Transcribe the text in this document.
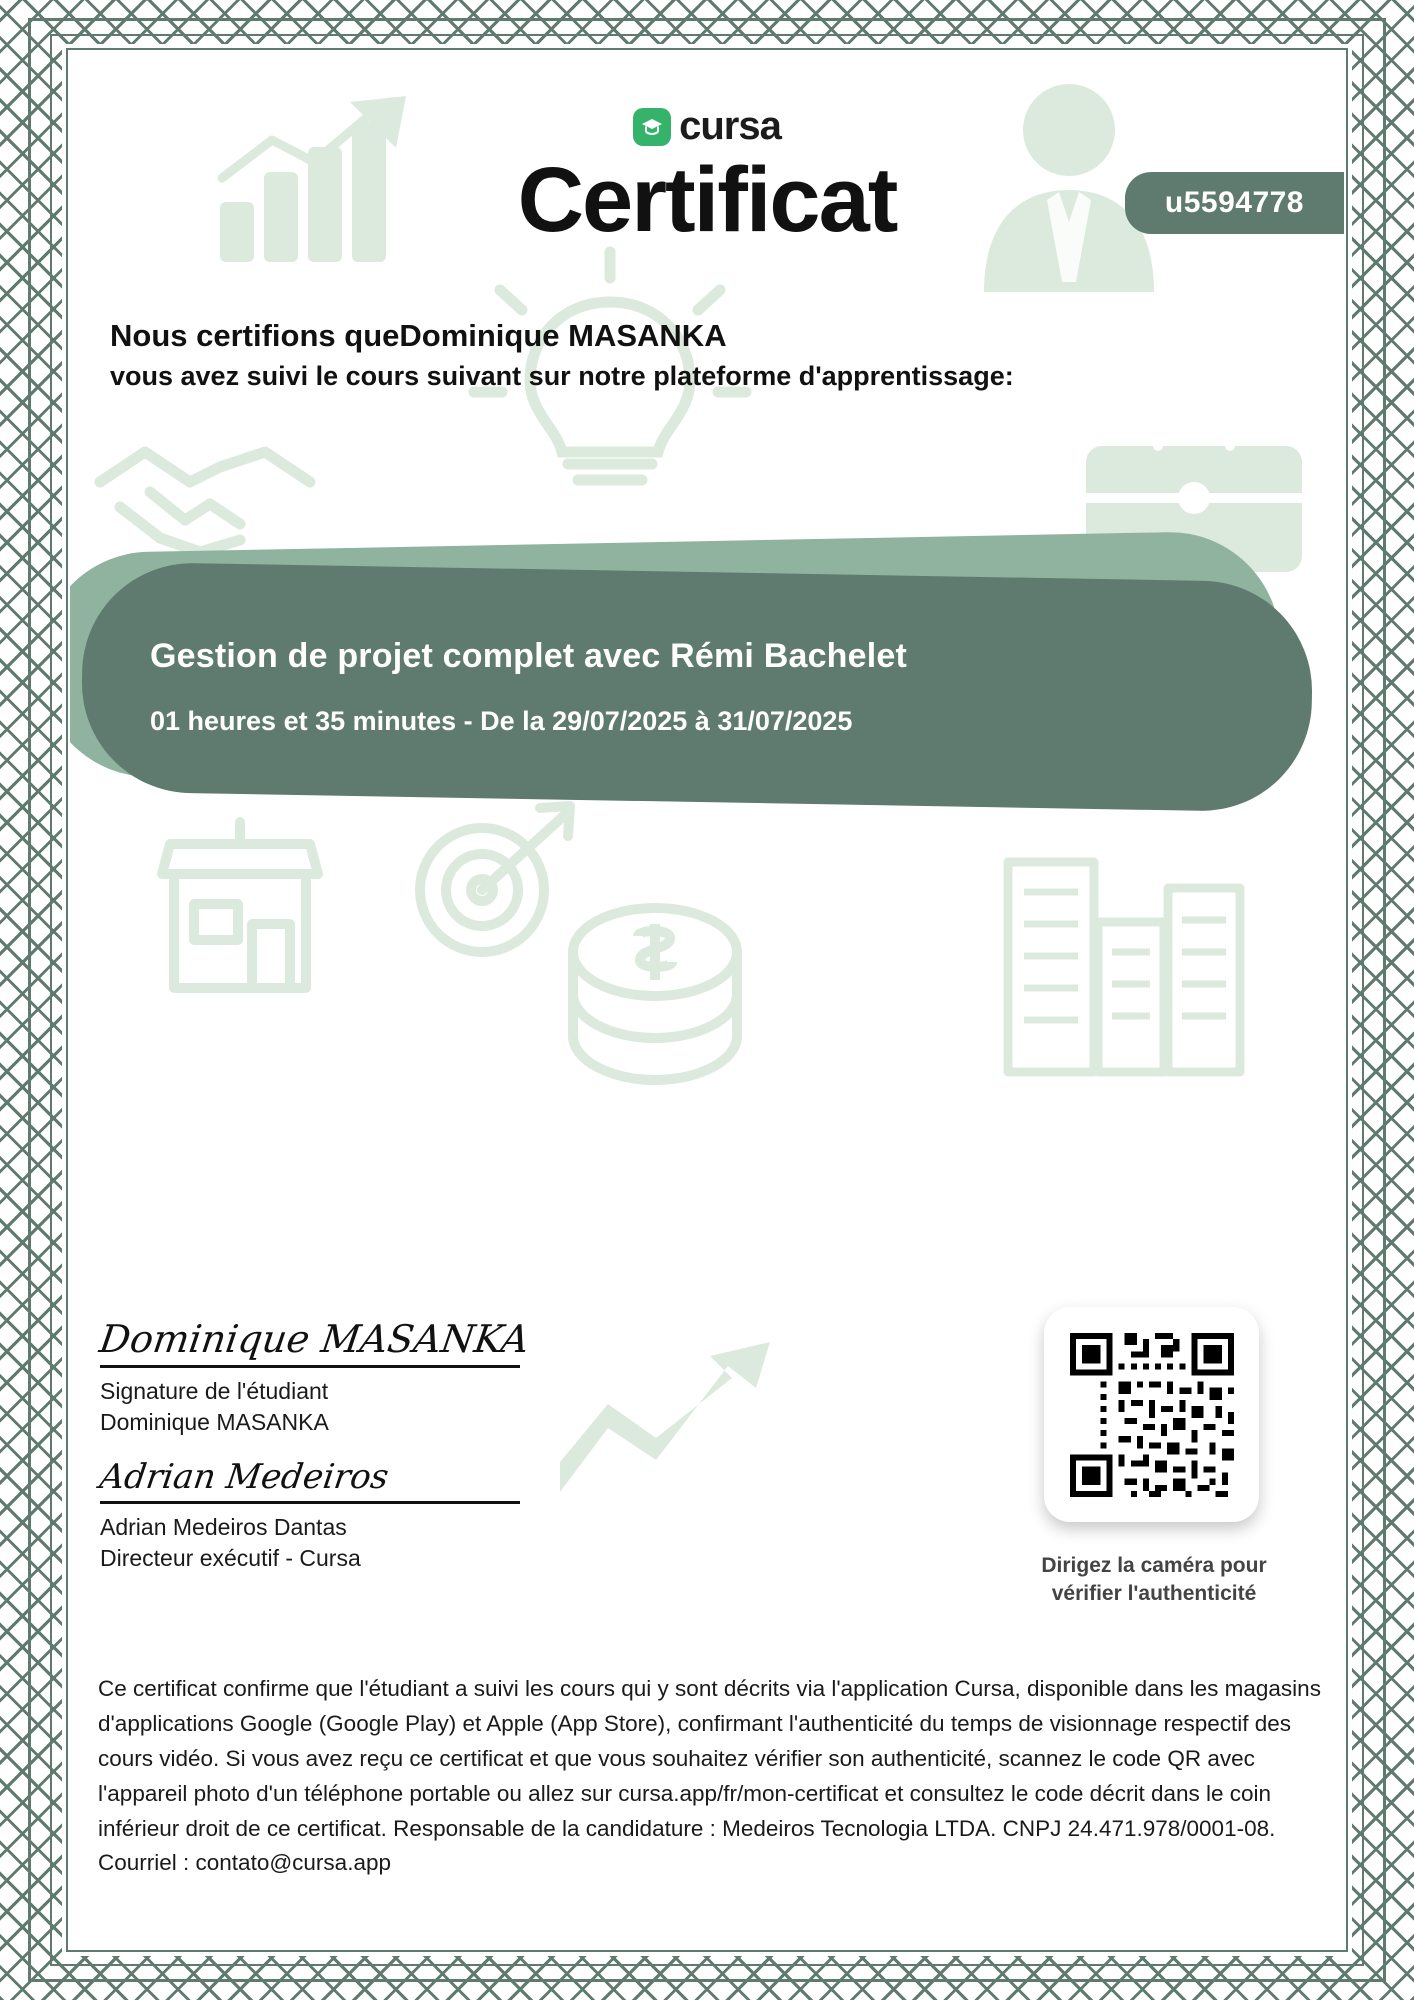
cursa
Certificat	u5594778
Nous certifions queDominique MASANKA
vous avez suivi le cours suivant sur notre plateforme d'apprentissage:
Gestion de projet complet avec Rémi Bachelet
01 heures et 35 minutes - De la 29/07/2025 à 31/07/2025
Dominique MASANKA
Signature de l'étudiant
Dominique MASANKA
Adrian Medeiros
Adrian Medeiros Dantas
Directeur exécutif - Cursa	Dirigez la caméra pour
vérifier l'authenticité
Ce certificat confirme que l'étudiant a suivi les cours qui y sont décrits via l'application Cursa, disponible dans les magasins d'applications Google (Google Play) et Apple (App Store), confirmant l'authenticité du temps de visionnage respectif des cours vidéo. Si vous avez reçu ce certificat et que vous souhaitez vérifier son authenticité, scannez le code QR avec l'appareil photo d'un téléphone portable ou allez sur cursa.app/fr/mon-certificat et consultez le code décrit dans le coin inférieur droit de ce certificat. Responsable de la candidature : Medeiros Tecnologia LTDA. CNPJ 24.471.978/0001-08. Courriel : contato@cursa.app
